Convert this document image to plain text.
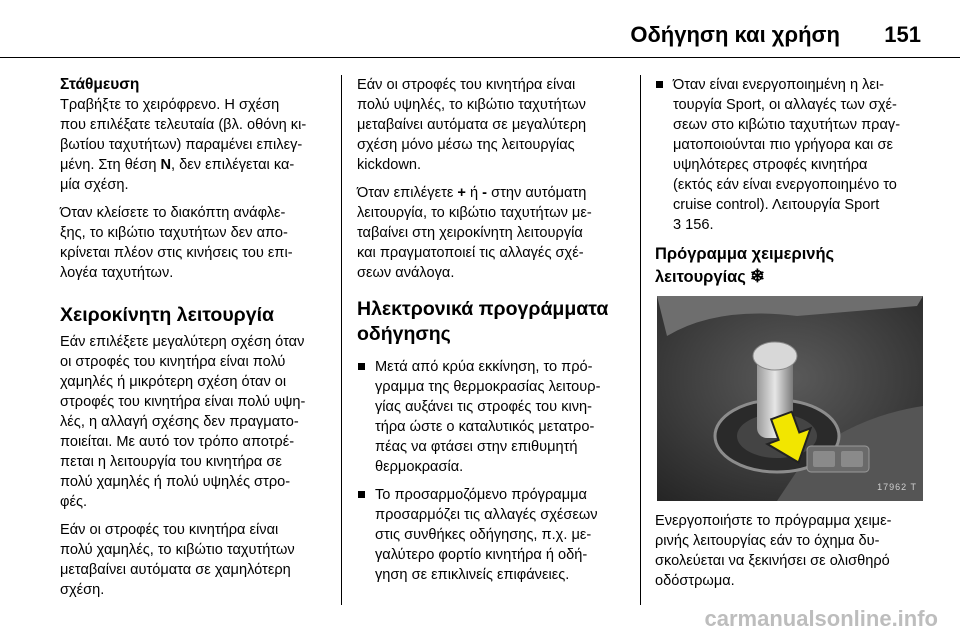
Οδήγηση και χρήση 151
Στάθμευση

Τραβήξτε το χειρόφρενο. Η σχέση
που επιλέξατε τελευταία (βλ. οθόνη κι-
βωτίου ταχυτήτων) παραμένει επιλεγ-
μένη. Στη θέση N, δεν επιλέγεται κα-
μία σχέση.

Όταν κλείσετε το διακόπτη ανάφλε-
ξης, το κιβώτιο ταχυτήτων δεν απο-
κρίνεται πλέον στις κινήσεις του επι-
λογέα ταχυτήτων.

Χειροκίνητη λειτουργία

Εάν επιλέξετε μεγαλύτερη σχέση όταν
οι στροφές του κινητήρα είναι πολύ
χαμηλές ή μικρότερη σχέση όταν οι
στροφές του κινητήρα είναι πολύ υψη-
λές, η αλλαγή σχέσης δεν πραγματο-
ποιείται. Με αυτό τον τρόπο αποτρέ-
πεται η λειτουργία του κινητήρα σε
πολύ χαμηλές ή πολύ υψηλές στρο-
φές.

Εάν οι στροφές του κινητήρα είναι
πολύ χαμηλές, το κιβώτιο ταχυτήτων
μεταβαίνει αυτόματα σε χαμηλότερη
σχέση.

Εάν οι στροφές του κινητήρα είναι
πολύ υψηλές, το κιβώτιο ταχυτήτων
μεταβαίνει αυτόματα σε μεγαλύτερη
σχέση μόνο μέσω της λειτουργίας
kickdown.

Όταν επιλέγετε + ή - στην αυτόματη
λειτουργία, το κιβώτιο ταχυτήτων με-
ταβαίνει στη χειροκίνητη λειτουργία
και πραγματοποιεί τις αλλαγές σχέ-
σεων ανάλογα.

Ηλεκτρονικά προγράμματα
οδήγησης
Μετά από κρύα εκκίνηση, το πρό-
γραμμα της θερμοκρασίας λειτουρ-
γίας αυξάνει τις στροφές του κινη-
τήρα ώστε ο καταλυτικός μετατρο-
πέας να φτάσει στην επιθυμητή
θερμοκρασία.
Το προσαρμοζόμενο πρόγραμμα
προσαρμόζει τις αλλαγές σχέσεων
στις συνθήκες οδήγησης, π.χ. με-
γαλύτερο φορτίο κινητήρα ή οδή-
γηση σε επικλινείς επιφάνειες.
Όταν είναι ενεργοποιημένη η λει-
τουργία Sport, οι αλλαγές των σχέ-
σεων στο κιβώτιο ταχυτήτων πραγ-
ματοποιούνται πιο γρήγορα και σε
υψηλότερες στροφές κινητήρα
(εκτός εάν είναι ενεργοποιημένο το
cruise control). Λειτουργία Sport
3 156.
Πρόγραμμα χειμερινής
λειτουργίας ❄
17962 T

Ενεργοποιήστε το πρόγραμμα χειμε-
ρινής λειτουργίας εάν το όχημα δυ-
σκολεύεται να ξεκινήσει σε ολισθηρό
οδόστρωμα.

carmanualsonline.info
